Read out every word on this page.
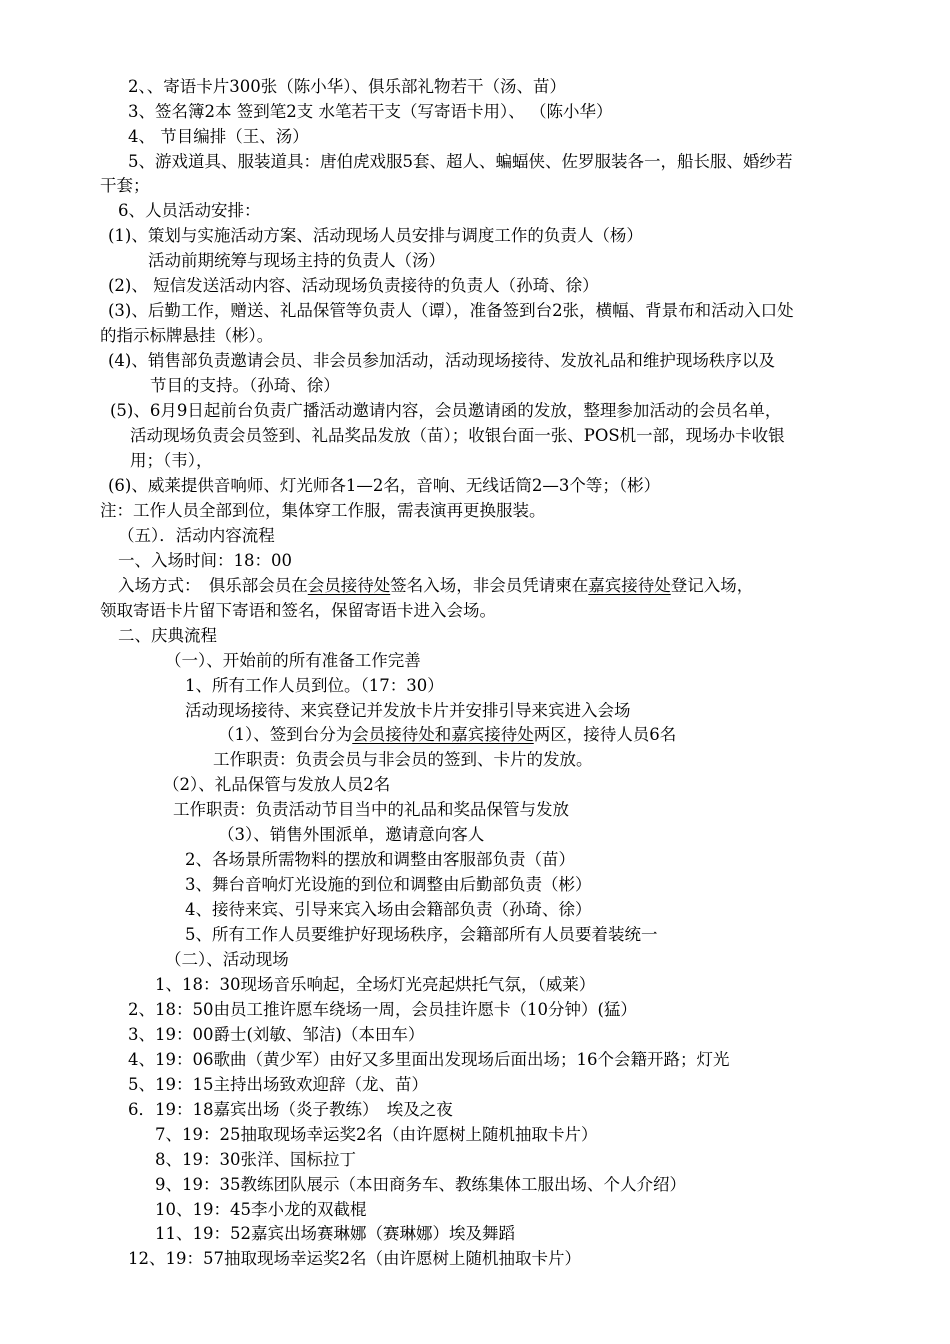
2、、寄语卡片300张（陈小华）、俱乐部礼物若干（汤、苗）
3、签名簿2本 签到笔2支 水笔若干支（写寄语卡用）、 （陈小华）
4、 节目编排（王、汤）
5、游戏道具、服装道具：唐伯虎戏服5套、超人、蝙蝠侠、佐罗服装各一，船长服、婚纱若
干套；
6、人员活动安排：
(1)、策划与实施活动方案、活动现场人员安排与调度工作的负责人（杨）
活动前期统筹与现场主持的负责人（汤）
(2)、 短信发送活动内容、活动现场负责接待的负责人（孙琦、徐）
(3)、后勤工作，赠送、礼品保管等负责人（谭），准备签到台2张，横幅、背景布和活动入口处
的指示标牌悬挂（彬）。
(4)、销售部负责邀请会员、非会员参加活动，活动现场接待、发放礼品和维护现场秩序以及
节目的支持。（孙琦、徐）
(5)、6月9日起前台负责广播活动邀请内容，会员邀请函的发放，整理参加活动的会员名单，
活动现场负责会员签到、礼品奖品发放（苗）；收银台面一张、POS机一部，现场办卡收银
用；（韦），
(6)、威莱提供音响师、灯光师各1—2名，音响、无线话筒2—3个等；（彬）
注：工作人员全部到位，集体穿工作服，需表演再更换服装。
（五）．活动内容流程
一、入场时间：18：00
入场方式：　俱乐部会员在会员接待处签名入场，非会员凭请柬在嘉宾接待处登记入场，
领取寄语卡片留下寄语和签名，保留寄语卡进入会场。
二、庆典流程
（一）、开始前的所有准备工作完善
1、所有工作人员到位。（17：30）
活动现场接待、来宾登记并发放卡片并安排引导来宾进入会场
（1）、签到台分为会员接待处和嘉宾接待处两区，接待人员6名
工作职责：负责会员与非会员的签到、卡片的发放。
（2）、礼品保管与发放人员2名
工作职责：负责活动节目当中的礼品和奖品保管与发放
（3）、销售外围派单，邀请意向客人
2、各场景所需物料的摆放和调整由客服部负责（苗）
3、舞台音响灯光设施的到位和调整由后勤部负责（彬）
4、接待来宾、引导来宾入场由会籍部负责（孙琦、徐）
5、所有工作人员要维护好现场秩序，会籍部所有人员要着装统一
（二）、活动现场
1、18：30现场音乐响起，全场灯光亮起烘托气氛，（威莱）
2、18：50由员工推许愿车绕场一周，会员挂许愿卡（10分钟）(猛）
3、19：00爵士(刘敏、邹洁)（本田车）
4、19：06歌曲（黄少军）由好又多里面出发现场后面出场；16个会籍开路；灯光
5、19：15主持出场致欢迎辞（龙、苗）
6．19：18嘉宾出场（炎子教练）　埃及之夜
7、19：25抽取现场幸运奖2名（由许愿树上随机抽取卡片）
8、19：30张洋、国标拉丁
9、19：35教练团队展示（本田商务车、教练集体工服出场、个人介绍）
10、19：45李小龙的双截棍
11、19：52嘉宾出场赛琳娜（赛琳娜）埃及舞蹈
12、19：57抽取现场幸运奖2名（由许愿树上随机抽取卡片）
